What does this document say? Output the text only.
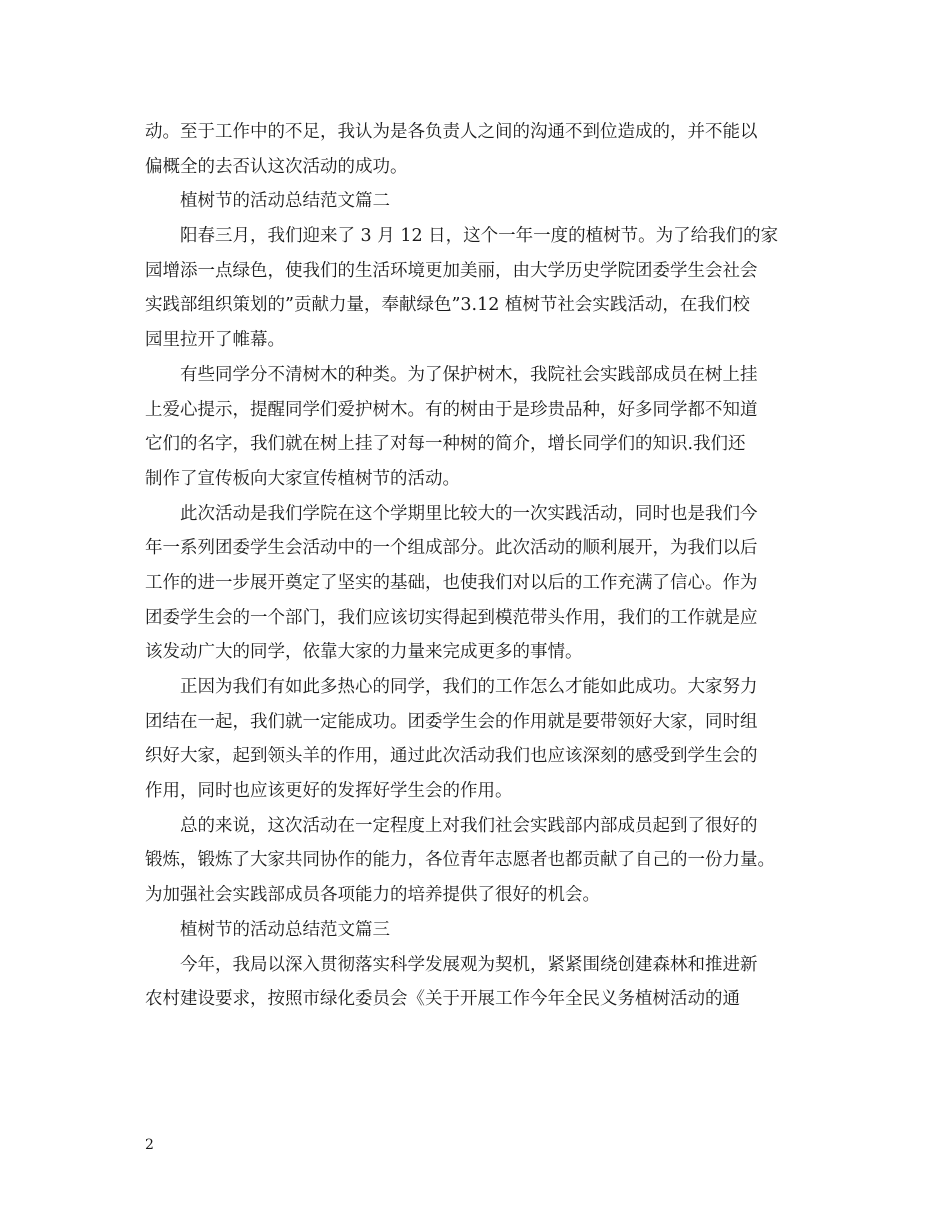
动。至于工作中的不足，我认为是各负责人之间的沟通不到位造成的，并不能以
偏概全的去否认这次活动的成功。
　　植树节的活动总结范文篇二
　　阳春三月，我们迎来了 3 月 12 日，这个一年一度的植树节。为了给我们的家
园增添一点绿色，使我们的生活环境更加美丽，由大学历史学院团委学生会社会
实践部组织策划的”贡献力量，奉献绿色”3.12 植树节社会实践活动，在我们校
园里拉开了帷幕。
　　有些同学分不清树木的种类。为了保护树木，我院社会实践部成员在树上挂
上爱心提示，提醒同学们爱护树木。有的树由于是珍贵品种，好多同学都不知道
它们的名字，我们就在树上挂了对每一种树的简介，增长同学们的知识.我们还
制作了宣传板向大家宣传植树节的活动。
　　此次活动是我们学院在这个学期里比较大的一次实践活动，同时也是我们今
年一系列团委学生会活动中的一个组成部分。此次活动的顺利展开，为我们以后
工作的进一步展开奠定了坚实的基础，也使我们对以后的工作充满了信心。作为
团委学生会的一个部门，我们应该切实得起到模范带头作用，我们的工作就是应
该发动广大的同学，依靠大家的力量来完成更多的事情。
　　正因为我们有如此多热心的同学，我们的工作怎么才能如此成功。大家努力
团结在一起，我们就一定能成功。团委学生会的作用就是要带领好大家，同时组
织好大家，起到领头羊的作用，通过此次活动我们也应该深刻的感受到学生会的
作用，同时也应该更好的发挥好学生会的作用。
　　总的来说，这次活动在一定程度上对我们社会实践部内部成员起到了很好的
锻炼，锻炼了大家共同协作的能力，各位青年志愿者也都贡献了自己的一份力量。
为加强社会实践部成员各项能力的培养提供了很好的机会。
　　植树节的活动总结范文篇三
　　今年，我局以深入贯彻落实科学发展观为契机，紧紧围绕创建森林和推进新
农村建设要求，按照市绿化委员会《关于开展工作今年全民义务植树活动的通
2
